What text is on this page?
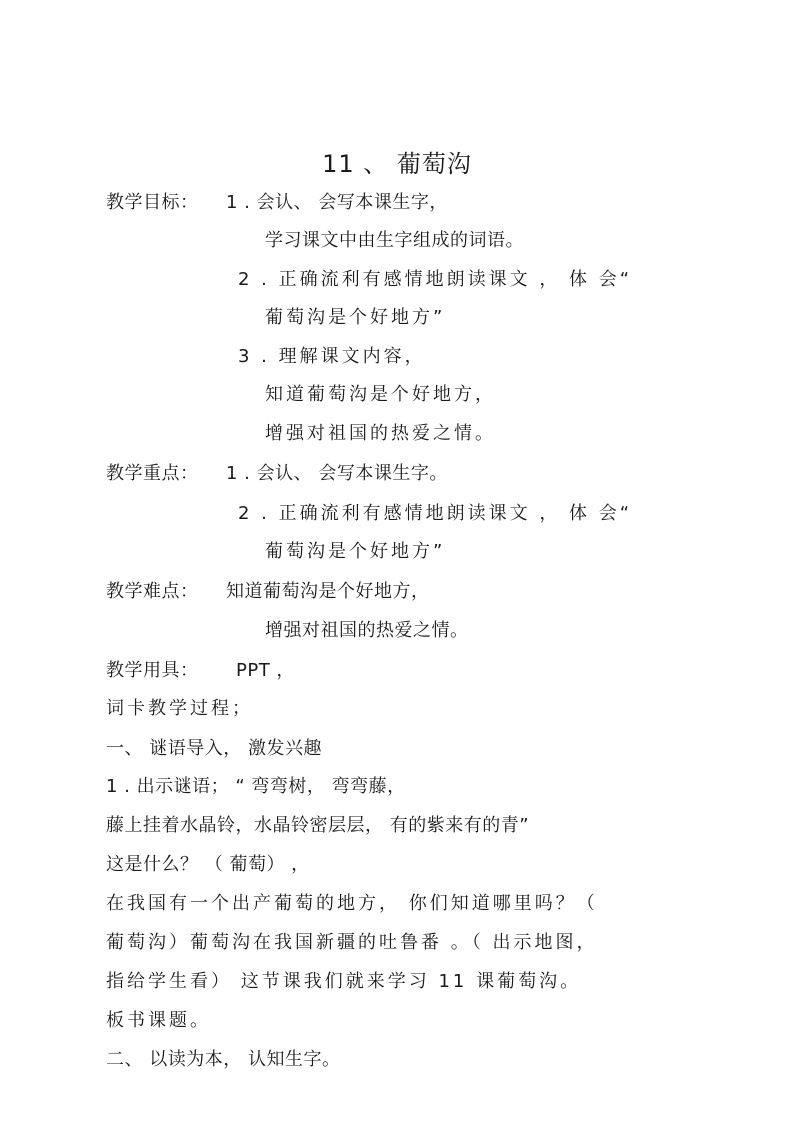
11 、 葡萄沟
教学目标： 1 . 会认、 会写本课生字，
学习课文中由生字组成的词语。
2 . 正确流利有感情地朗读课文 ， 体 会“
葡萄沟是个好地方”
3 . 理解课文内容，
知道葡萄沟是个好地方，
增强对祖国的热爱之情。
教学重点： 1 . 会认、 会写本课生字。
2 . 正确流利有感情地朗读课文 ， 体 会“
葡萄沟是个好地方”
教学难点： 知道葡萄沟是个好地方，
增强对祖国的热爱之情。
教学用具： PPT ，
词卡教学过程；
一、 谜语导入， 激发兴趣
1 . 出示谜语； “ 弯弯树， 弯弯藤，
藤上挂着水晶铃，水晶铃密层层， 有的紫来有的青”
这是什么？ （ 葡萄） ，
在我国有一个出产葡萄的地方， 你们知道哪里吗？（
葡萄沟）葡萄沟在我国新疆的吐鲁番 。（ 出示地图，
指给学生看） 这节课我们就来学习 11 课葡萄沟。
板书课题。
二、 以读为本， 认知生字。
